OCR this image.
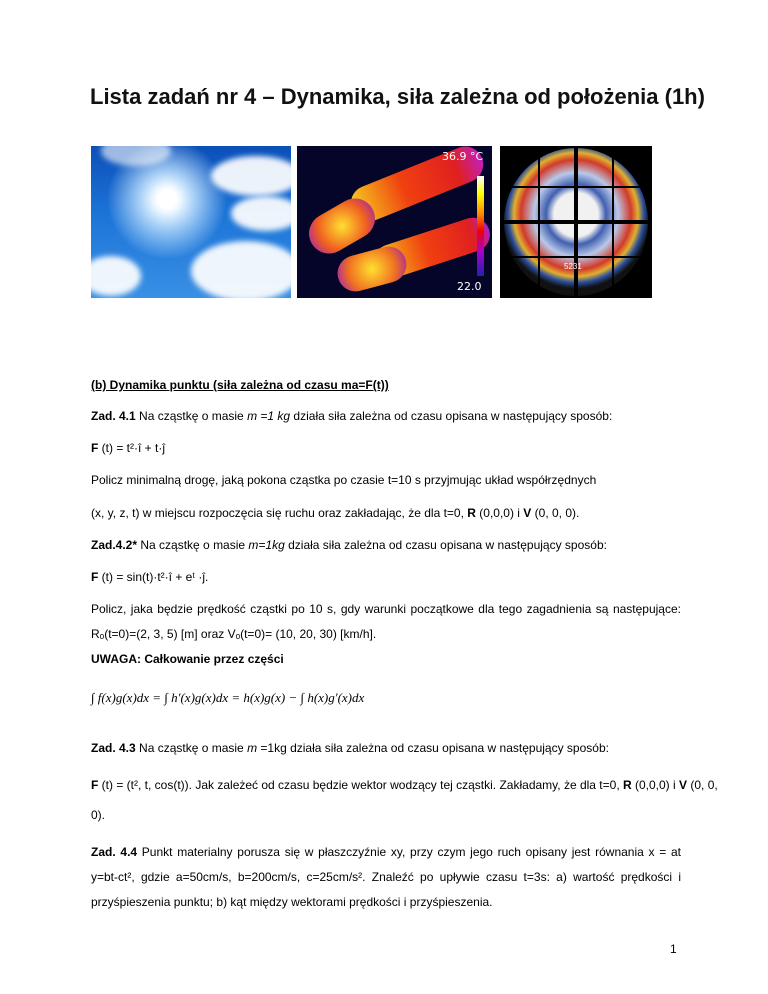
Lista zadań nr 4 – Dynamika, siła zależna od położenia (1h)
36.9 °C
22.0
5231
(b) Dynamika punktu (siła zależna od czasu ma=F(t))
Zad. 4.1 Na cząstkę o masie m =1 kg działa siła zależna od czasu opisana w następujący sposób:
F (t) = t²·î + t·ĵ
Policz minimalną drogę, jaką pokona cząstka po czasie t=10 s przyjmując układ współrzędnych
(x, y, z, t) w miejscu rozpoczęcia się ruchu oraz zakładając, że dla t=0, R (0,0,0) i V (0, 0, 0).
Zad.4.2* Na cząstkę o masie m=1kg działa siła zależna od czasu opisana w następujący sposób:
F (t) = sin(t)·t²·î + eᵗ ·ĵ.
Policz, jaka będzie prędkość cząstki po 10 s, gdy warunki początkowe dla tego zagadnienia są następujące: Rₒ(t=0)=(2, 3, 5) [m] oraz Vₒ(t=0)= (10, 20, 30) [km/h].
UWAGA: Całkowanie przez części
∫ f(x)g(x)dx = ∫ h′(x)g(x)dx = h(x)g(x) − ∫ h(x)g′(x)dx
Zad. 4.3 Na cząstkę o masie m =1kg działa siła zależna od czasu opisana w następujący sposób:
F (t) = (t², t, cos(t)). Jak zależeć od czasu będzie wektor wodzący tej cząstki. Zakładamy, że dla t=0, R (0,0,0) i V (0, 0,
0).
Zad. 4.4 Punkt materialny porusza się w płaszczyźnie xy, przy czym jego ruch opisany jest równania x = at y=bt-ct², gdzie a=50cm/s, b=200cm/s, c=25cm/s². Znaleźć po upływie czasu t=3s: a) wartość prędkości i przyśpieszenia punktu; b) kąt między wektorami prędkości i przyśpieszenia.
1
